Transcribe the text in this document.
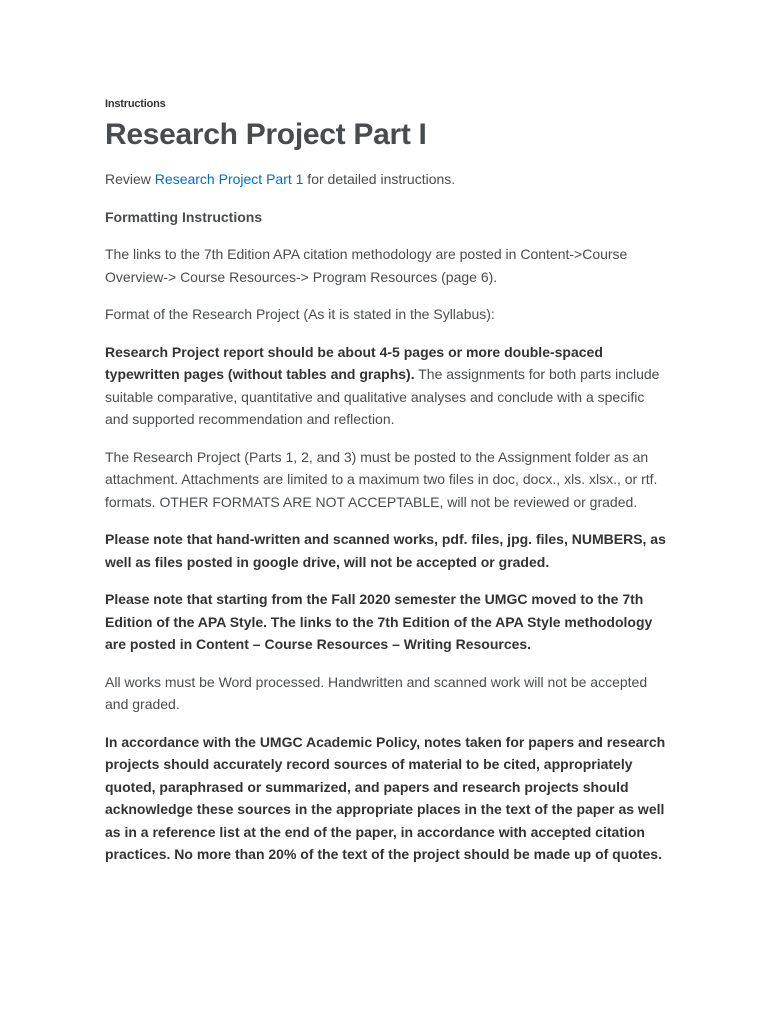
Instructions
Research Project Part I

Review Research Project Part 1 for detailed instructions.

Formatting Instructions

The links to the 7th Edition APA citation methodology are posted in Content->Course Overview-> Course Resources-> Program Resources (page 6).

Format of the Research Project (As it is stated in the Syllabus):

Research Project report should be about 4-5 pages or more double-spaced typewritten pages (without tables and graphs). The assignments for both parts include suitable comparative, quantitative and qualitative analyses and conclude with a specific and supported recommendation and reflection.

The Research Project (Parts 1, 2, and 3) must be posted to the Assignment folder as an attachment. Attachments are limited to a maximum two files in doc, docx., xls. xlsx., or rtf. formats. OTHER FORMATS ARE NOT ACCEPTABLE, will not be reviewed or graded.

Please note that hand-written and scanned works, pdf. files, jpg. files, NUMBERS, as well as files posted in google drive, will not be accepted or graded.

Please note that starting from the Fall 2020 semester the UMGC moved to the 7th Edition of the APA Style. The links to the 7th Edition of the APA Style methodology are posted in Content – Course Resources – Writing Resources.

All works must be Word processed. Handwritten and scanned work will not be accepted and graded.

In accordance with the UMGC Academic Policy, notes taken for papers and research projects should accurately record sources of material to be cited, appropriately quoted, paraphrased or summarized, and papers and research projects should acknowledge these sources in the appropriate places in the text of the paper as well as in a reference list at the end of the paper, in accordance with accepted citation practices. No more than 20% of the text of the project should be made up of quotes.
